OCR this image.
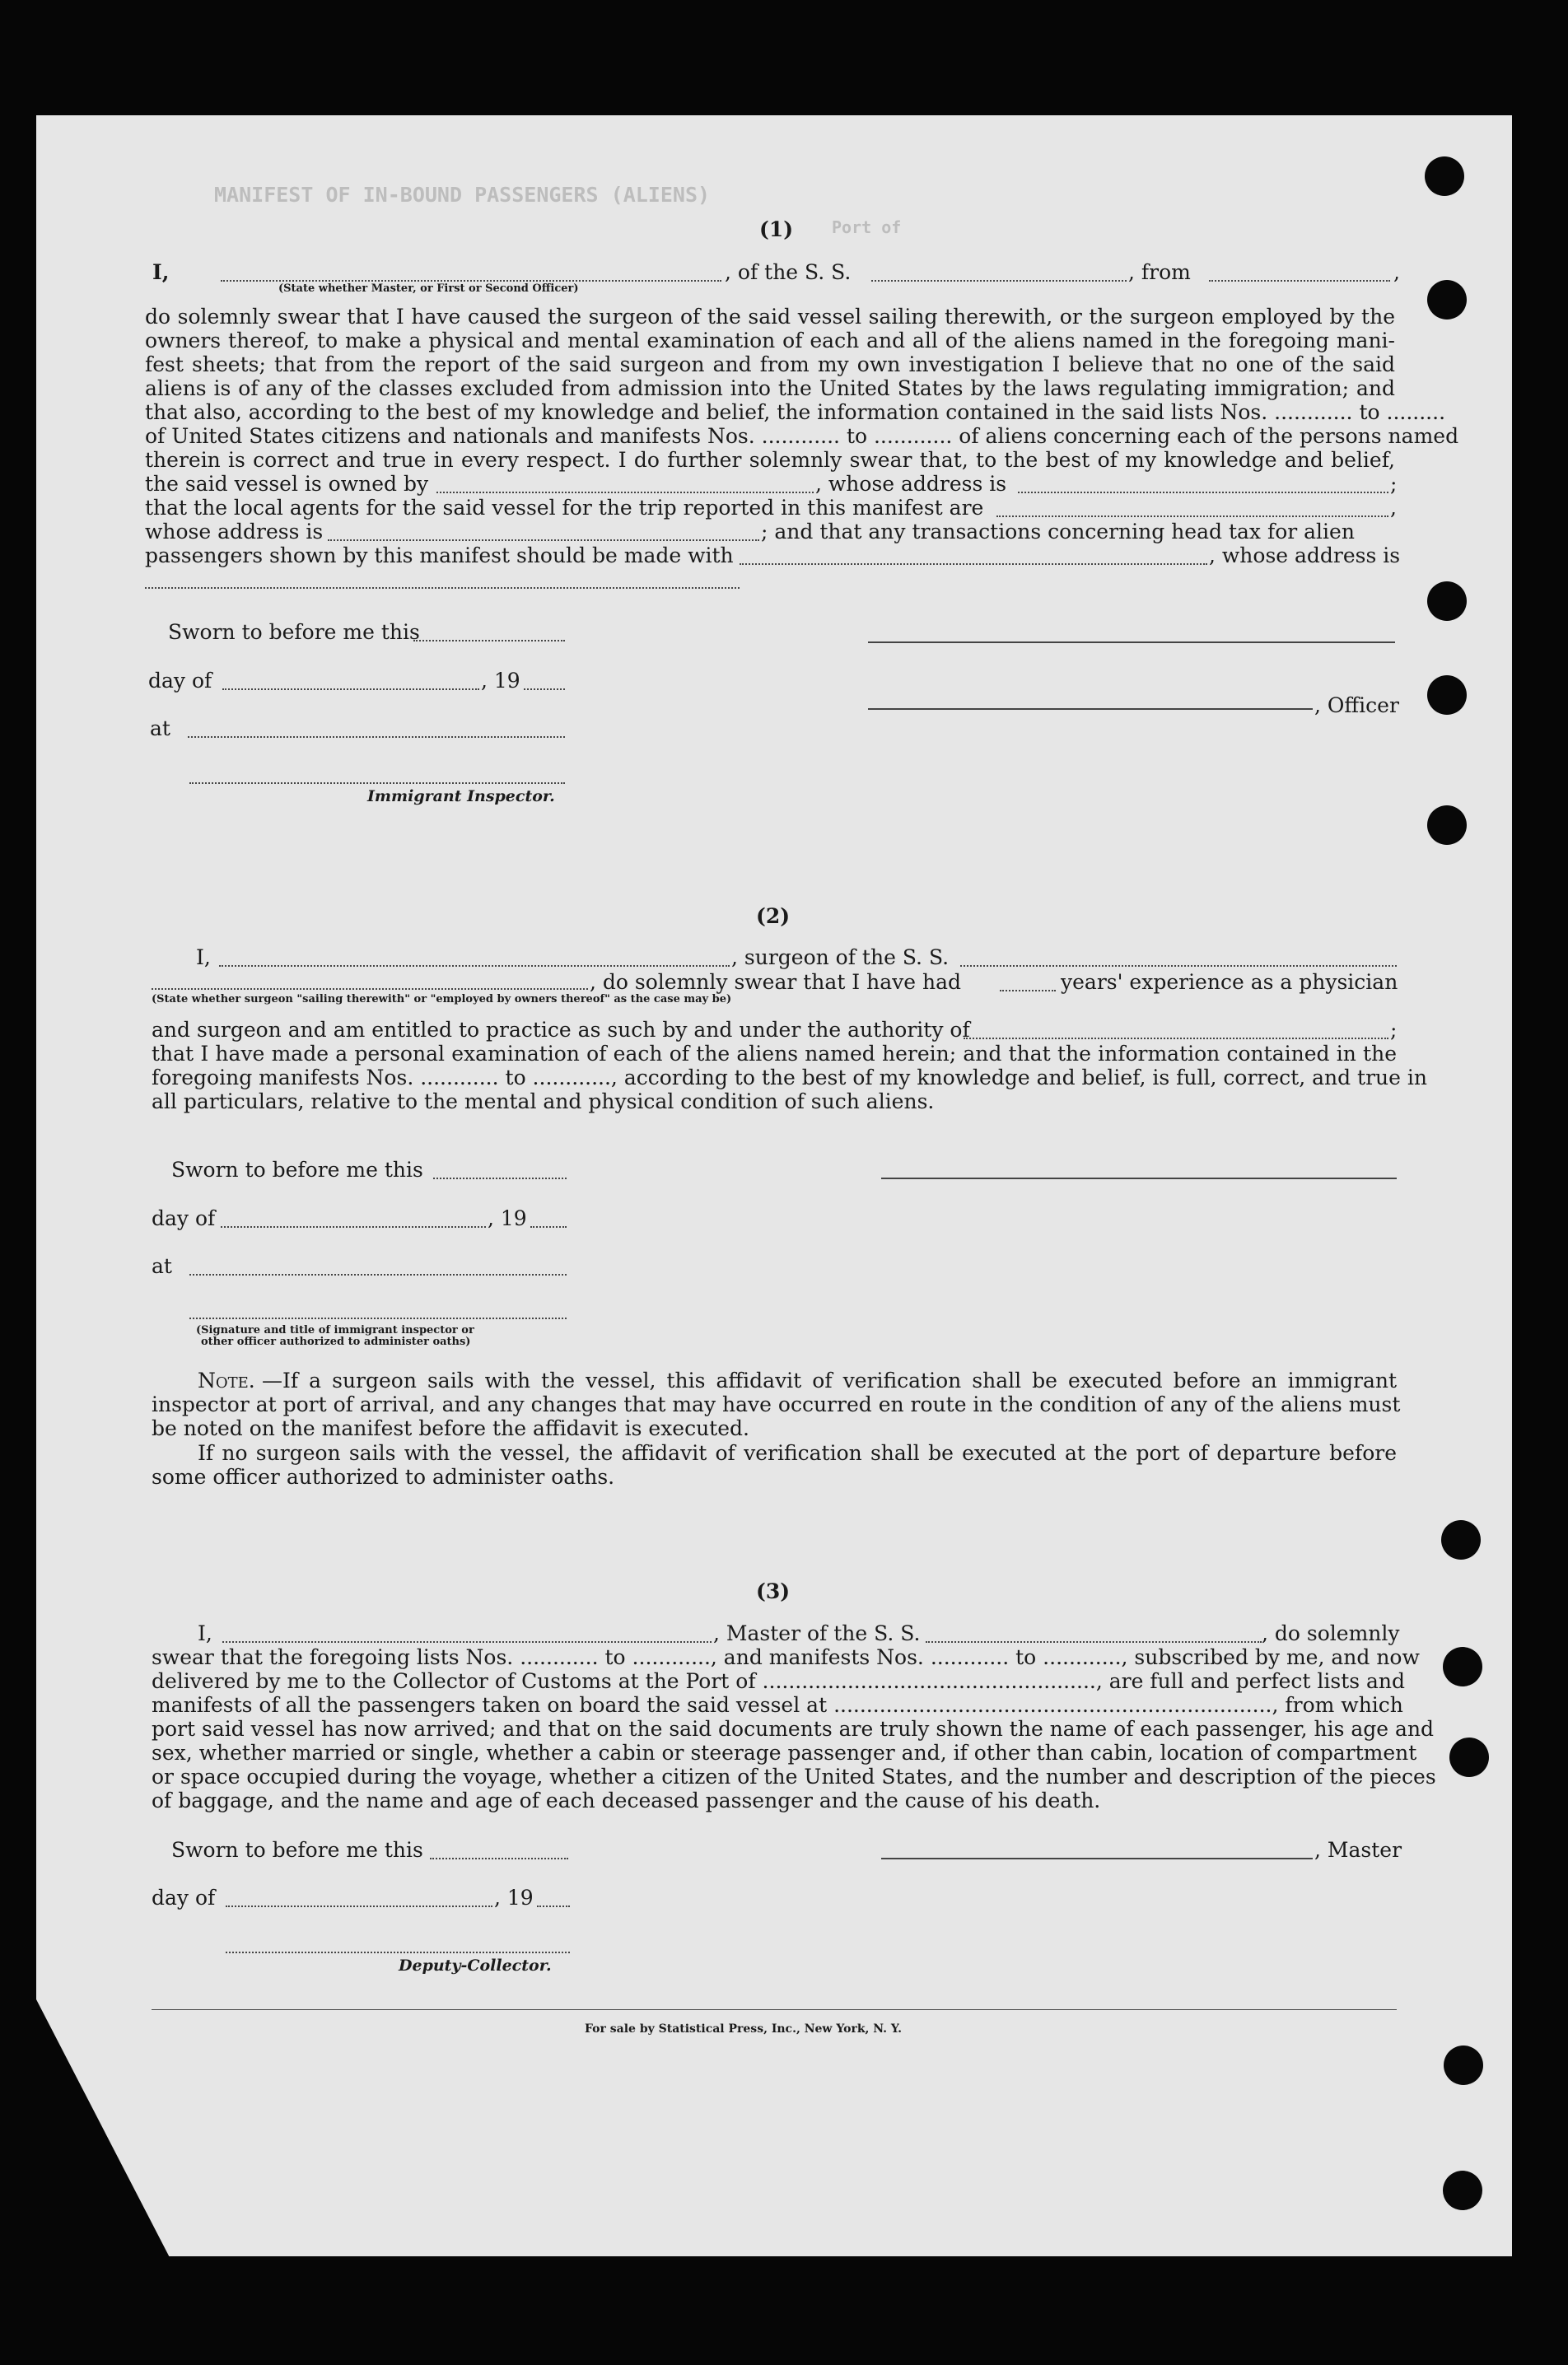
MANIFEST OF IN-BOUND PASSENGERS (ALIENS)
Port of
(1)
I,
(State whether Master, or First or Second Officer)
, of the S. S.	, from	,
do solemnly swear that I have caused the surgeon of the said vessel sailing therewith, or the surgeon employed by the
owners thereof, to make a physical and mental examination of each and all of the aliens named in the foregoing mani-
fest sheets; that from the report of the said surgeon and from my own investigation I believe that no one of the said
aliens is of any of the classes excluded from admission into the United States by the laws regulating immigration; and
that also, according to the best of my knowledge and belief, the information contained in the said lists Nos. ............ to .........
of United States citizens and nationals and manifests Nos. ............ to ............ of aliens concerning each of the persons named
therein is correct and true in every respect. I do further solemnly swear that, to the best of my knowledge and belief,
the said vessel is owned by	, whose address is	;
that the local agents for the said vessel for the trip reported in this manifest are	,
whose address is	; and that any transactions concerning head tax for alien
passengers shown by this manifest should be made with	, whose address is
Sworn to before me this
day of	, 19
, Officer
at
Immigrant Inspector.
(2)
I,	, surgeon of the S. S.
(State whether surgeon "sailing therewith" or "employed by owners thereof" as the case may be)
, do solemnly swear that I have had	years' experience as a physician
and surgeon and am entitled to practice as such by and under the authority of	;
that I have made a personal examination of each of the aliens named herein; and that the information contained in the
foregoing manifests Nos. ............ to ............, according to the best of my knowledge and belief, is full, correct, and true in
all particulars, relative to the mental and physical condition of such aliens.
Sworn to before me this
day of	, 19
at
(Signature and title of immigrant inspector or
other officer authorized to administer oaths)
Note. —If a surgeon sails with the vessel, this affidavit of verification shall be executed before an immigrant
inspector at port of arrival, and any changes that may have occurred en route in the condition of any of the aliens must
be noted on the manifest before the affidavit is executed.
If no surgeon sails with the vessel, the affidavit of verification shall be executed at the port of departure before
some officer authorized to administer oaths.
(3)
I,	, Master of the S. S.	, do solemnly
swear that the foregoing lists Nos. ............ to ............, and manifests Nos. ............ to ............, subscribed by me, and now
delivered by me to the Collector of Customs at the Port of ..................................................., are full and perfect lists and
manifests of all the passengers taken on board the said vessel at ..................................................................., from which
port said vessel has now arrived; and that on the said documents are truly shown the name of each passenger, his age and
sex, whether married or single, whether a cabin or steerage passenger and, if other than cabin, location of compartment
or space occupied during the voyage, whether a citizen of the United States, and the number and description of the pieces
of baggage, and the name and age of each deceased passenger and the cause of his death.
Sworn to before me this	, Master
day of	, 19
Deputy-Collector.
For sale by Statistical Press, Inc., New York, N. Y.
